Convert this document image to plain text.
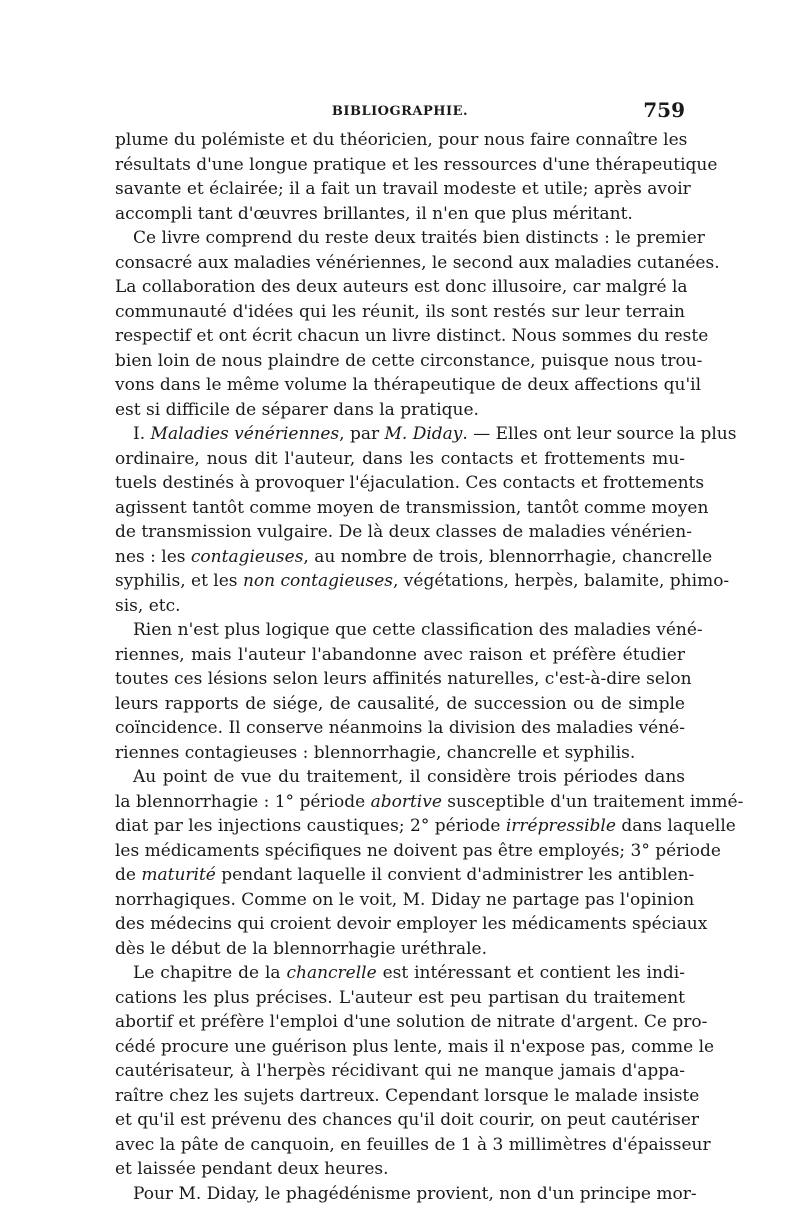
BIBLIOGRAPHIE.	759
plume du polémiste et du théoricien, pour nous faire connaître les
résultats d'une longue pratique et les ressources d'une thérapeutique
savante et éclairée; il a fait un travail modeste et utile; après avoir
accompli tant d'œuvres brillantes, il n'en que plus méritant.
Ce livre comprend du reste deux traités bien distincts : le premier
consacré aux maladies vénériennes, le second aux maladies cutanées.
La collaboration des deux auteurs est donc illusoire, car malgré la
communauté d'idées qui les réunit, ils sont restés sur leur terrain
respectif et ont écrit chacun un livre distinct. Nous sommes du reste
bien loin de nous plaindre de cette circonstance, puisque nous trou-
vons dans le même volume la thérapeutique de deux affections qu'il
est si difficile de séparer dans la pratique.
I. Maladies vénériennes, par M. Diday. — Elles ont leur source la plus
ordinaire, nous dit l'auteur, dans les contacts et frottements mu-
tuels destinés à provoquer l'éjaculation. Ces contacts et frottements
agissent tantôt comme moyen de transmission, tantôt comme moyen
de transmission vulgaire. De là deux classes de maladies vénérien-
nes : les contagieuses, au nombre de trois, blennorrhagie, chancrelle
syphilis, et les non contagieuses, végétations, herpès, balamite, phimo-
sis, etc.
Rien n'est plus logique que cette classification des maladies véné-
riennes, mais l'auteur l'abandonne avec raison et préfère étudier
toutes ces lésions selon leurs affinités naturelles, c'est-à-dire selon
leurs rapports de siége, de causalité, de succession ou de simple
coïncidence. Il conserve néanmoins la division des maladies véné-
riennes contagieuses : blennorrhagie, chancrelle et syphilis.
Au point de vue du traitement, il considère trois périodes dans
la blennorrhagie : 1° période abortive susceptible d'un traitement immé-
diat par les injections caustiques; 2° période irrépressible dans laquelle
les médicaments spécifiques ne doivent pas être employés; 3° période
de maturité pendant laquelle il convient d'administrer les antiblen-
norrhagiques. Comme on le voit, M. Diday ne partage pas l'opinion
des médecins qui croient devoir employer les médicaments spéciaux
dès le début de la blennorrhagie uréthrale.
Le chapitre de la chancrelle est intéressant et contient les indi-
cations les plus précises. L'auteur est peu partisan du traitement
abortif et préfère l'emploi d'une solution de nitrate d'argent. Ce pro-
cédé procure une guérison plus lente, mais il n'expose pas, comme le
cautérisateur, à l'herpès récidivant qui ne manque jamais d'appa-
raître chez les sujets dartreux. Cependant lorsque le malade insiste
et qu'il est prévenu des chances qu'il doit courir, on peut cautériser
avec la pâte de canquoin, en feuilles de 1 à 3 millimètres d'épaisseur
et laissée pendant deux heures.
Pour M. Diday, le phagédénisme provient, non d'un principe mor-
